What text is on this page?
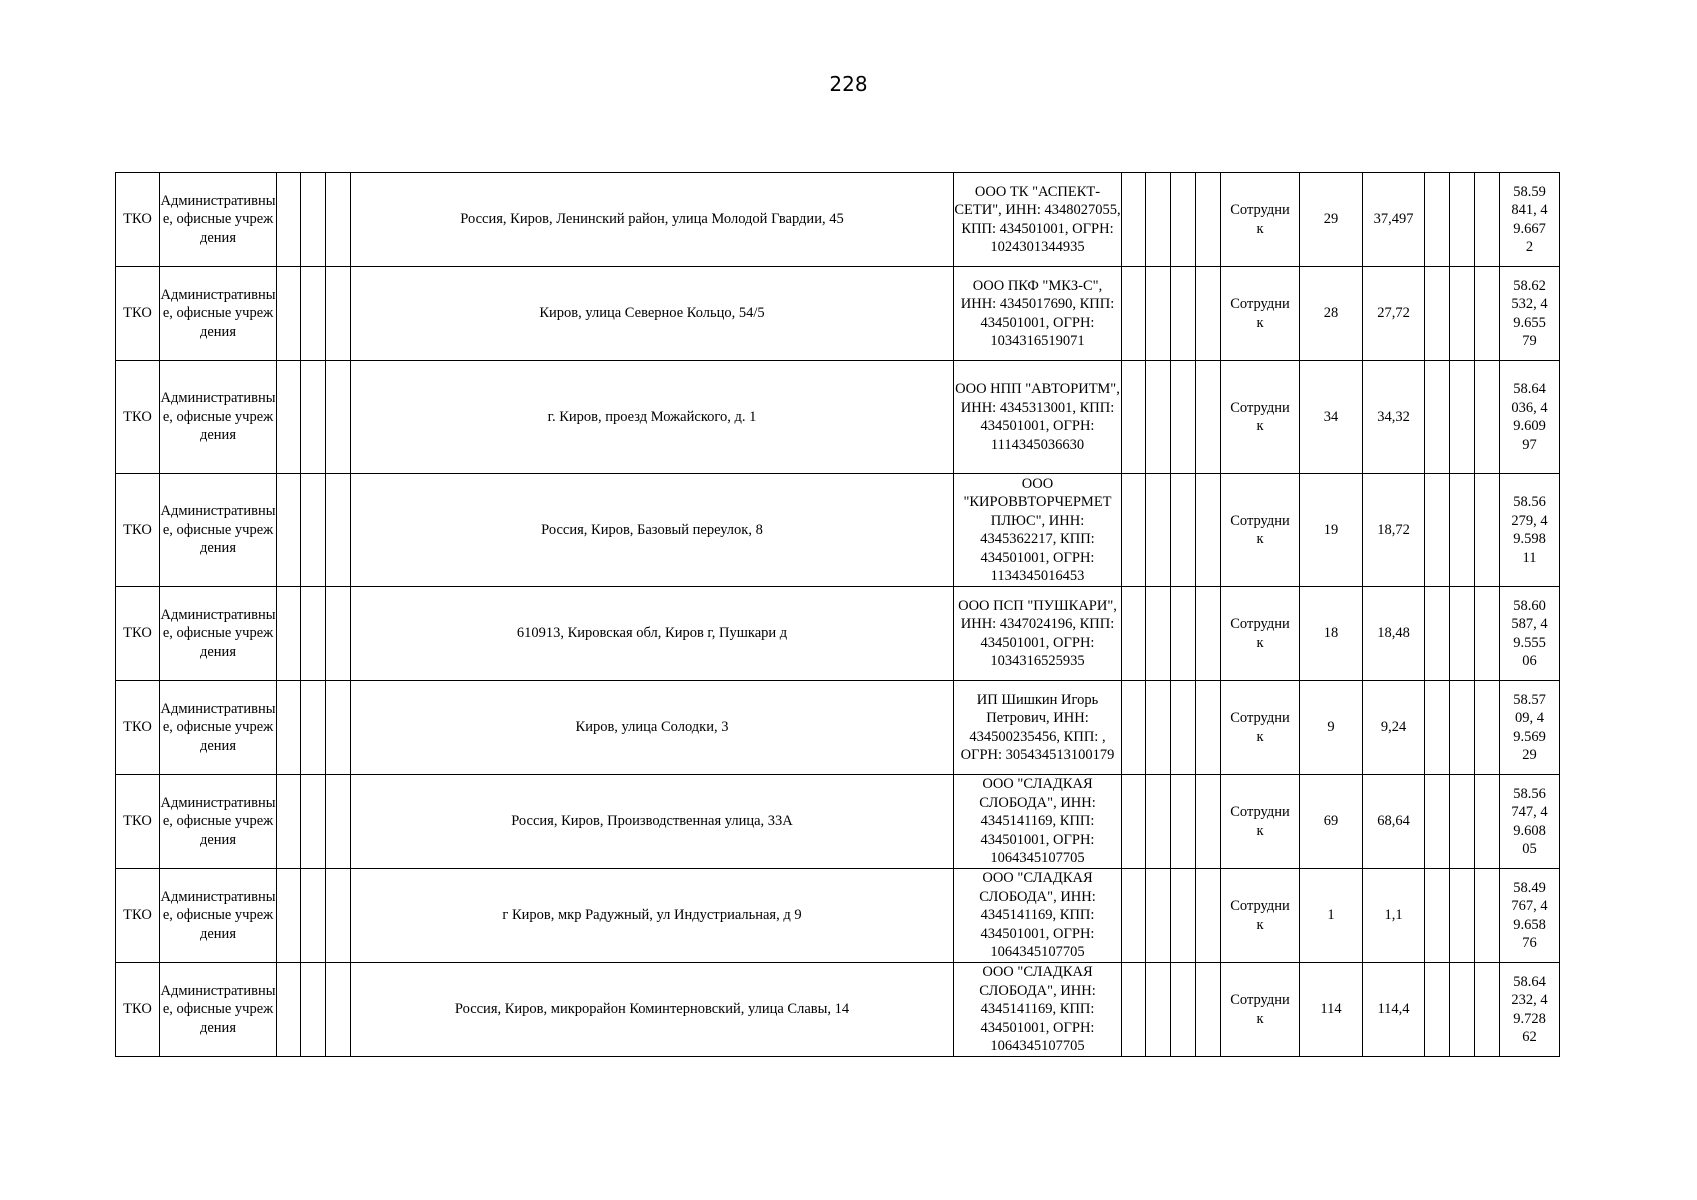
228
ТКО	Административные, офисные учреждения				Россия, Киров, Ленинский район, улица Молодой Гвардии, 45	ООО ТК "АСПЕКТ-СЕТИ", ИНН: 4348027055, КПП: 434501001, ОГРН: 1024301344935					Сотрудник	29	37,497				58.59841, 49.6672

ТКО	Административные, офисные учреждения				Киров, улица Северное Кольцо, 54/5	ООО ПКФ "МКЗ-С", ИНН: 4345017690, КПП: 434501001, ОГРН: 1034316519071					Сотрудник	28	27,72				58.62532, 49.65579

ТКО	Административные, офисные учреждения				г. Киров, проезд Можайского, д. 1	ООО НПП "АВТОРИТМ", ИНН: 4345313001, КПП: 434501001, ОГРН: 1114345036630					Сотрудник	34	34,32				58.64036, 49.60997

ТКО	Административные, офисные учреждения				Россия, Киров, Базовый переулок, 8	ООО "КИРОВВТОРЧЕРМЕТ ПЛЮС", ИНН: 4345362217, КПП: 434501001, ОГРН: 1134345016453					Сотрудник	19	18,72				58.56279, 49.59811

ТКО	Административные, офисные учреждения				610913, Кировская обл, Киров г, Пушкари д	ООО ПСП "ПУШКАРИ", ИНН: 4347024196, КПП: 434501001, ОГРН: 1034316525935					Сотрудник	18	18,48				58.60587, 49.55506

ТКО	Административные, офисные учреждения				Киров, улица Солодки, 3	ИП Шишкин Игорь Петрович, ИНН: 434500235456, КПП: , ОГРН: 305434513100179					Сотрудник	9	9,24				58.5709, 49.56929

ТКО	Административные, офисные учреждения				Россия, Киров, Производственная улица, 33А	ООО "СЛАДКАЯ СЛОБОДА", ИНН: 4345141169, КПП: 434501001, ОГРН: 1064345107705					Сотрудник	69	68,64				58.56747, 49.60805

ТКО	Административные, офисные учреждения				г Киров, мкр Радужный, ул Индустриальная, д 9	ООО "СЛАДКАЯ СЛОБОДА", ИНН: 4345141169, КПП: 434501001, ОГРН: 1064345107705					Сотрудник	1	1,1				58.49767, 49.65876

ТКО	Административные, офисные учреждения				Россия, Киров, микрорайон Коминтерновский, улица Славы, 14	ООО "СЛАДКАЯ СЛОБОДА", ИНН: 4345141169, КПП: 434501001, ОГРН: 1064345107705					Сотрудник	114	114,4				58.64232, 49.72862
